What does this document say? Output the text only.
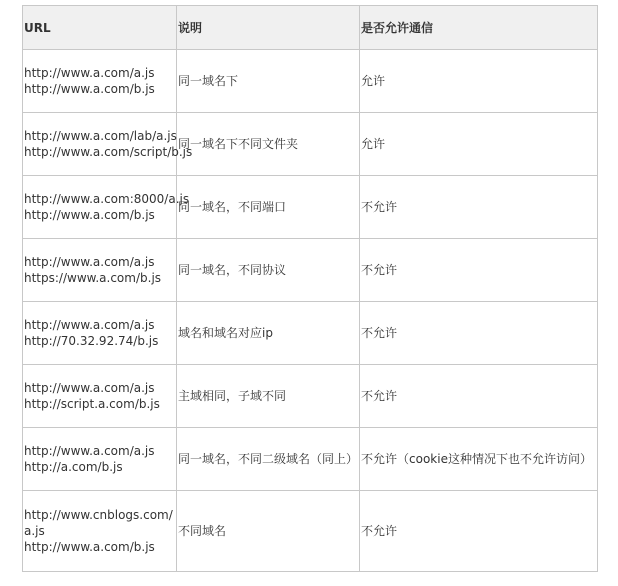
URL	说明	是否允许通信

http://www.a.com/a.js
http://www.a.com/b.js	同一域名下	允许

http://www.a.com/lab/a.js
http://www.a.com/script/b.js	同一域名下不同文件夹	允许

http://www.a.com:8000/a.js
http://www.a.com/b.js	同一域名，不同端口	不允许

http://www.a.com/a.js
https://www.a.com/b.js	同一域名，不同协议	不允许

http://www.a.com/a.js
http://70.32.92.74/b.js	域名和域名对应ip	不允许

http://www.a.com/a.js
http://script.a.com/b.js	主域相同，子域不同	不允许

http://www.a.com/a.js
http://a.com/b.js	同一域名，不同二级域名（同上）	不允许（cookie这种情况下也不允许访问）

http://www.cnblogs.com/a.js
http://www.a.com/b.js	不同域名	不允许
